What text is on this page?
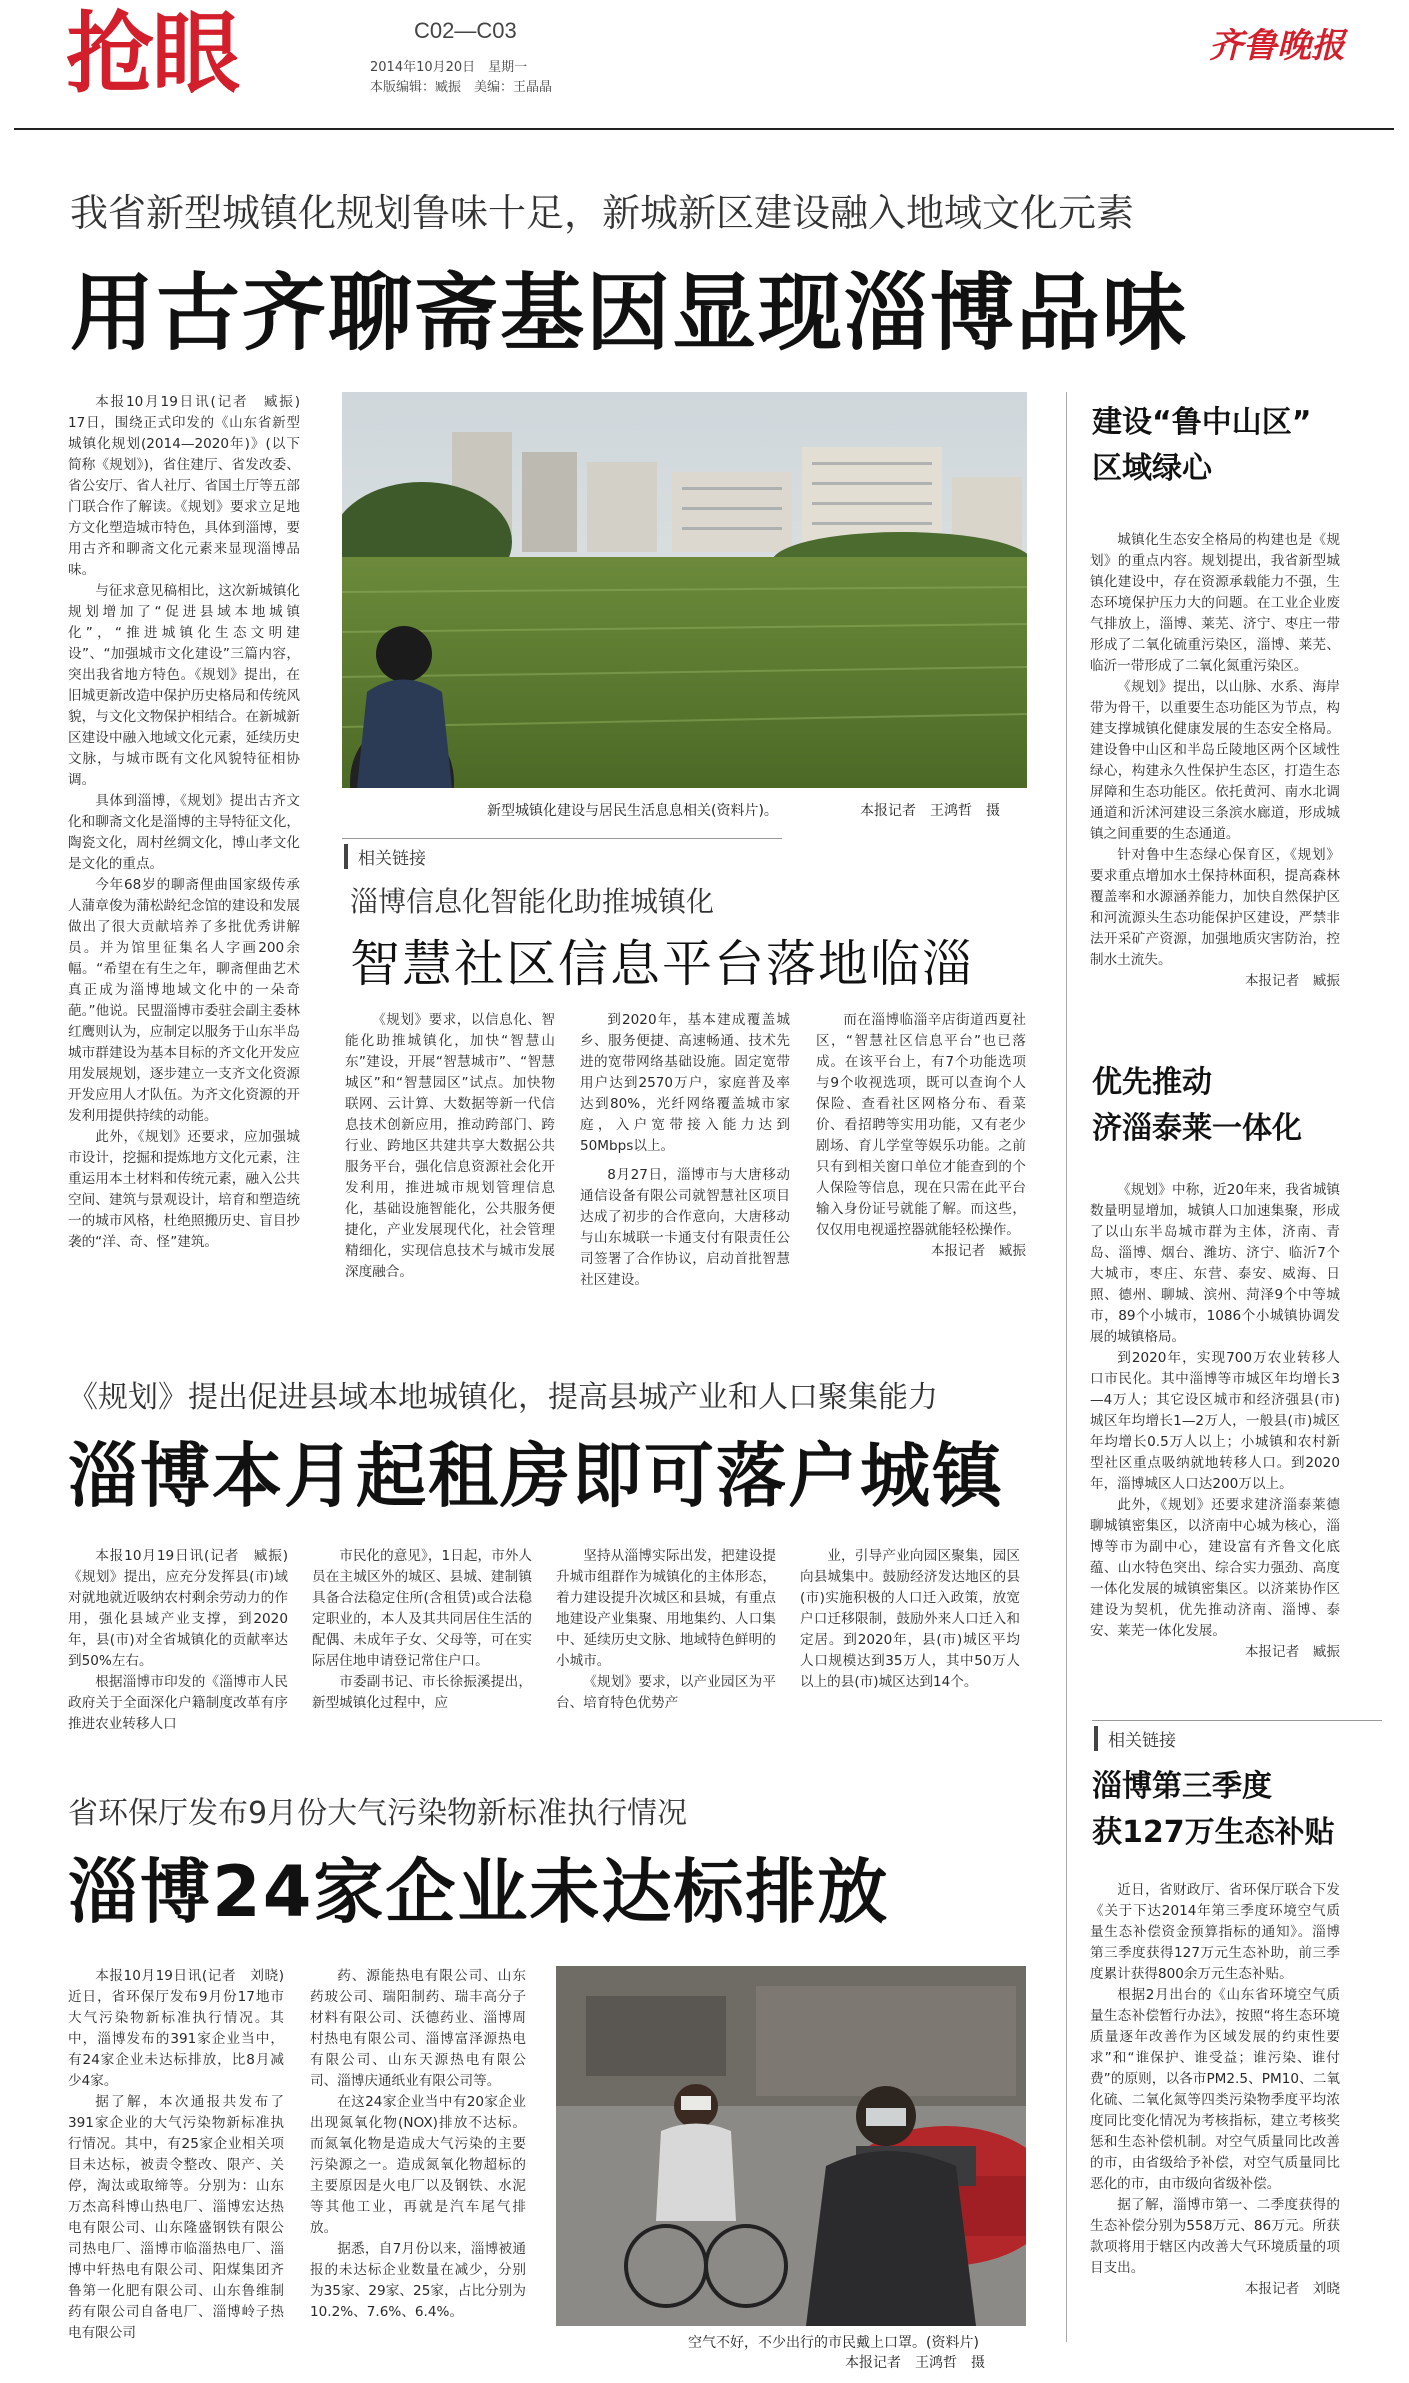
抢眼	C02—C03
2014年10月20日　星期一
本版编辑：臧振　美编：王晶晶
齐鲁晚报
我省新型城镇化规划鲁味十足，新城新区建设融入地域文化元素
用古齐聊斋基因显现淄博品味

本报10月19日讯(记者　臧振)　17日，围绕正式印发的《山东省新型城镇化规划(2014—2020年)》(以下简称《规划》)，省住建厅、省发改委、省公安厅、省人社厅、省国土厅等五部门联合作了解读。《规划》要求立足地方文化塑造城市特色，具体到淄博，要用古齐和聊斋文化元素来显现淄博品味。

与征求意见稿相比，这次新城镇化规划增加了“促进县域本地城镇化”，“推进城镇化生态文明建设”、“加强城市文化建设”三篇内容，突出我省地方特色。《规划》提出，在旧城更新改造中保护历史格局和传统风貌，与文化文物保护相结合。在新城新区建设中融入地域文化元素，延续历史文脉，与城市既有文化风貌特征相协调。

具体到淄博，《规划》提出古齐文化和聊斋文化是淄博的主导特征文化，陶瓷文化，周村丝绸文化，博山孝文化是文化的重点。

今年68岁的聊斋俚曲国家级传承人蒲章俊为蒲松龄纪念馆的建设和发展做出了很大贡献培养了多批优秀讲解员。并为馆里征集名人字画200余幅。“希望在有生之年，聊斋俚曲艺术真正成为淄博地域文化中的一朵奇葩。”他说。民盟淄博市委驻会副主委林红鹰则认为，应制定以服务于山东半岛城市群建设为基本目标的齐文化开发应用发展规划，逐步建立一支齐文化资源开发应用人才队伍。为齐文化资源的开发利用提供持续的动能。

此外，《规划》还要求，应加强城市设计，挖掘和提炼地方文化元素，注重运用本土材料和传统元素，融入公共空间、建筑与景观设计，培育和塑造统一的城市风格，杜绝照搬历史、盲目抄袭的“洋、奇、怪”建筑。

新型城镇化建设与居民生活息息相关(资料片)。	本报记者　王鸿哲　摄
相关链接
淄博信息化智能化助推城镇化
智慧社区信息平台落地临淄

《规划》要求，以信息化、智能化助推城镇化，加快“智慧山东”建设，开展“智慧城市”、“智慧城区”和“智慧园区”试点。加快物联网、云计算、大数据等新一代信息技术创新应用，推动跨部门、跨行业、跨地区共建共享大数据公共服务平台，强化信息资源社会化开发利用，推进城市规划管理信息化，基础设施智能化，公共服务便捷化，产业发展现代化，社会管理精细化，实现信息技术与城市发展深度融合。

到2020年，基本建成覆盖城乡、服务便捷、高速畅通、技术先进的宽带网络基础设施。固定宽带用户达到2570万户，家庭普及率达到80%，光纤网络覆盖城市家庭，入户宽带接入能力达到50Mbps以上。

8月27日，淄博市与大唐移动通信设备有限公司就智慧社区项目达成了初步的合作意向，大唐移动与山东城联一卡通支付有限责任公司签署了合作协议，启动首批智慧社区建设。

而在淄博临淄辛店街道西夏社区，“智慧社区信息平台”也已落成。在该平台上，有7个功能选项与9个收视选项，既可以查询个人保险、查看社区网格分布、看菜价、看招聘等实用功能，又有老少剧场、育儿学堂等娱乐功能。之前只有到相关窗口单位才能查到的个人保险等信息，现在只需在此平台输入身份证号就能了解。而这些，仅仅用电视遥控器就能轻松操作。

本报记者　臧振

建设“鲁中山区”
区域绿心

城镇化生态安全格局的构建也是《规划》的重点内容。规划提出，我省新型城镇化建设中，存在资源承载能力不强，生态环境保护压力大的问题。在工业企业废气排放上，淄博、莱芜、济宁、枣庄一带形成了二氧化硫重污染区，淄博、莱芜、临沂一带形成了二氧化氮重污染区。

《规划》提出，以山脉、水系、海岸带为骨干，以重要生态功能区为节点，构建支撑城镇化健康发展的生态安全格局。建设鲁中山区和半岛丘陵地区两个区域性绿心，构建永久性保护生态区，打造生态屏障和生态功能区。依托黄河、南水北调通道和沂沭河建设三条滨水廊道，形成城镇之间重要的生态通道。

针对鲁中生态绿心保育区，《规划》要求重点增加水土保持林面积，提高森林覆盖率和水源涵养能力，加快自然保护区和河流源头生态功能保护区建设，严禁非法开采矿产资源，加强地质灾害防治，控制水土流失。

本报记者　臧振

优先推动
济淄泰莱一体化

《规划》中称，近20年来，我省城镇数量明显增加，城镇人口加速集聚，形成了以山东半岛城市群为主体，济南、青岛、淄博、烟台、潍坊、济宁、临沂7个大城市，枣庄、东营、泰安、威海、日照、德州、聊城、滨州、菏泽9个中等城市，89个小城市，1086个小城镇协调发展的城镇格局。

到2020年，实现700万农业转移人口市民化。其中淄博等市城区年均增长3—4万人；其它设区城市和经济强县(市)城区年均增长1—2万人，一般县(市)城区年均增长0.5万人以上；小城镇和农村新型社区重点吸纳就地转移人口。到2020年，淄博城区人口达200万以上。

此外，《规划》还要求建济淄泰莱德聊城镇密集区，以济南中心城为核心，淄博等市为副中心，建设富有齐鲁文化底蕴、山水特色突出、综合实力强劲、高度一体化发展的城镇密集区。以济莱协作区建设为契机，优先推动济南、淄博、泰安、莱芜一体化发展。

本报记者　臧振

相关链接
淄博第三季度
获127万生态补贴

近日，省财政厅、省环保厅联合下发《关于下达2014年第三季度环境空气质量生态补偿资金预算指标的通知》。淄博第三季度获得127万元生态补助，前三季度累计获得800余万元生态补贴。

根据2月出台的《山东省环境空气质量生态补偿暂行办法》，按照“将生态环境质量逐年改善作为区域发展的约束性要求”和“谁保护、谁受益；谁污染、谁付费”的原则，以各市PM2.5、PM10、二氧化硫、二氧化氮等四类污染物季度平均浓度同比变化情况为考核指标，建立考核奖惩和生态补偿机制。对空气质量同比改善的市，由省级给予补偿，对空气质量同比恶化的市，由市级向省级补偿。

据了解，淄博市第一、二季度获得的生态补偿分别为558万元、86万元。所获款项将用于辖区内改善大气环境质量的项目支出。

本报记者　刘晓

《规划》提出促进县域本地城镇化，提高县城产业和人口聚集能力
淄博本月起租房即可落户城镇

本报10月19日讯(记者　臧振)　《规划》提出，应充分发挥县(市)域对就地就近吸纳农村剩余劳动力的作用，强化县域产业支撑，到2020年，县(市)对全省城镇化的贡献率达到50%左右。

根据淄博市印发的《淄博市人民政府关于全面深化户籍制度改革有序推进农业转移人口

市民化的意见》，1日起，市外人员在主城区外的城区、县城、建制镇具备合法稳定住所(含租赁)或合法稳定职业的，本人及其共同居住生活的配偶、未成年子女、父母等，可在实际居住地申请登记常住户口。

市委副书记、市长徐振溪提出，新型城镇化过程中，应

坚持从淄博实际出发，把建设提升城市组群作为城镇化的主体形态，着力建设提升次城区和县城，有重点地建设产业集聚、用地集约、人口集中、延续历史文脉、地域特色鲜明的小城市。

《规划》要求，以产业园区为平台、培育特色优势产

业，引导产业向园区聚集，园区向县城集中。鼓励经济发达地区的县(市)实施积极的人口迁入政策，放宽户口迁移限制，鼓励外来人口迁入和定居。到2020年，县(市)城区平均人口规模达到35万人，其中50万人以上的县(市)城区达到14个。

省环保厅发布9月份大气污染物新标准执行情况
淄博24家企业未达标排放

本报10月19日讯(记者　刘晓)　近日，省环保厅发布9月份17地市大气污染物新标准执行情况。其中，淄博发布的391家企业当中，有24家企业未达标排放，比8月减少4家。

据了解，本次通报共发布了391家企业的大气污染物新标准执行情况。其中，有25家企业相关项目未达标，被责令整改、限产、关停，淘汰或取缔等。分别为：山东万杰高科博山热电厂、淄博宏达热电有限公司、山东隆盛钢铁有限公司热电厂、淄博市临淄热电厂、淄博中轩热电有限公司、阳煤集团齐鲁第一化肥有限公司、山东鲁维制药有限公司自备电厂、淄博岭子热电有限公司

药、源能热电有限公司、山东药玻公司、瑞阳制药、瑞丰高分子材料有限公司、沃德药业、淄博周村热电有限公司、淄博富泽源热电有限公司、山东天源热电有限公司、淄博庆通纸业有限公司等。

在这24家企业当中有20家企业出现氮氧化物(NOX)排放不达标。而氮氧化物是造成大气污染的主要污染源之一。造成氮氧化物超标的主要原因是火电厂以及钢铁、水泥等其他工业，再就是汽车尾气排放。

据悉，自7月份以来，淄博被通报的未达标企业数量在减少，分别为35家、29家、25家，占比分别为10.2%、7.6%、6.4%。

空气不好，不少出行的市民戴上口罩。(资料片)
本报记者　王鸿哲　摄
